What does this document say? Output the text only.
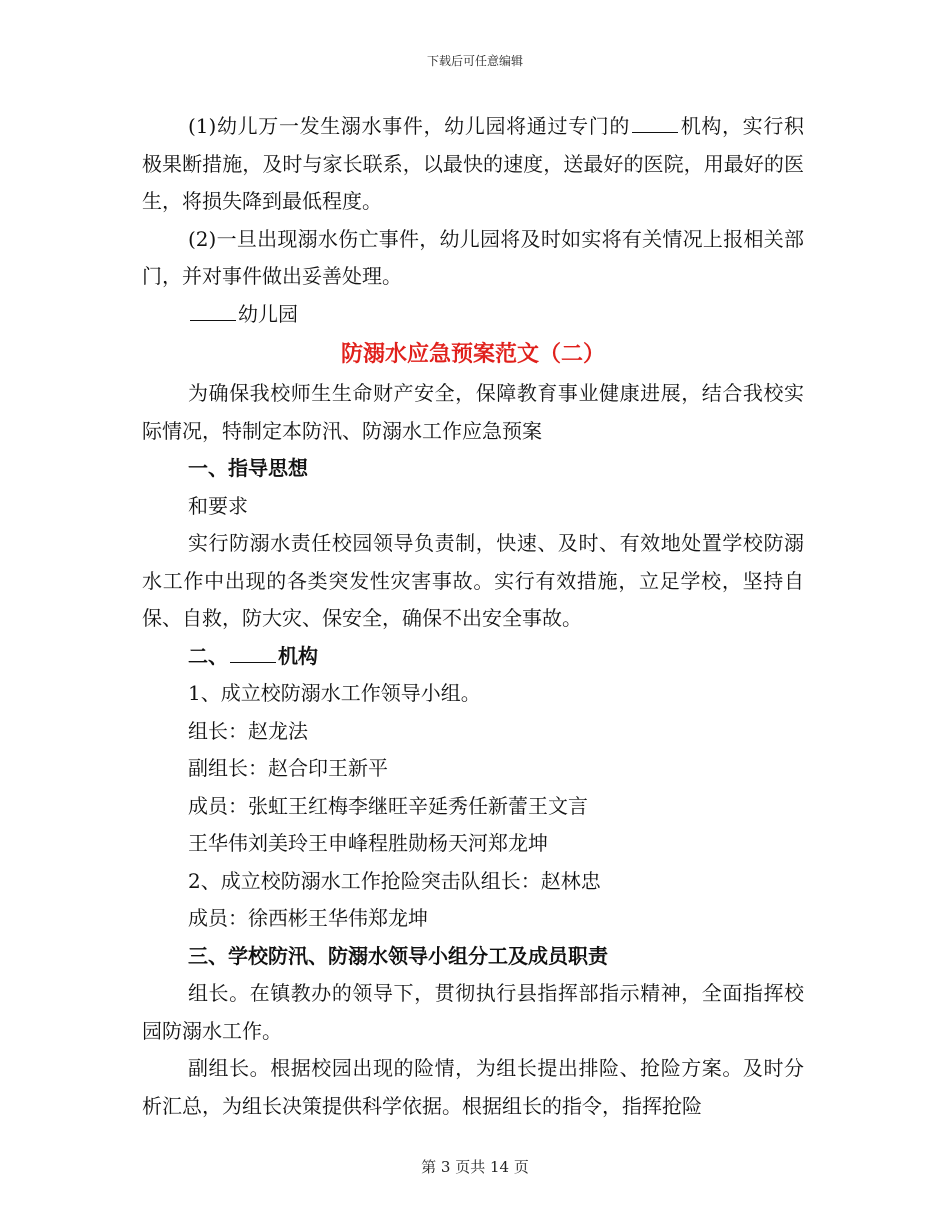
下载后可任意编辑

(1)幼儿万一发生溺水事件，幼儿园将通过专门的	机构，实行积极果断措施，及时与家长联系，以最快的速度，送最好的医院，用最好的医生，将损失降到最低程度。

(2)一旦出现溺水伤亡事件，幼儿园将及时如实将有关情况上报相关部门，并对事件做出妥善处理。

幼儿园

防溺水应急预案范文（二）

为确保我校师生生命财产安全，保障教育事业健康进展，结合我校实际情况，特制定本防汛、防溺水工作应急预案

一、指导思想

和要求

实行防溺水责任校园领导负责制，快速、及时、有效地处置学校防溺水工作中出现的各类突发性灾害事故。实行有效措施，立足学校，坚持自保、自救，防大灾、保安全，确保不出安全事故。

二、	机构

1、成立校防溺水工作领导小组。

组长：赵龙法

副组长：赵合印王新平

成员：张虹王红梅李继旺辛延秀任新蕾王文言

王华伟刘美玲王申峰程胜勋杨天河郑龙坤

2、成立校防溺水工作抢险突击队组长：赵林忠

成员：徐西彬王华伟郑龙坤

三、学校防汛、防溺水领导小组分工及成员职责

组长。在镇教办的领导下，贯彻执行县指挥部指示精神，全面指挥校园防溺水工作。

副组长。根据校园出现的险情，为组长提出排险、抢险方案。及时分析汇总，为组长决策提供科学依据。根据组长的指令，指挥抢险

第 3 页共 14 页
